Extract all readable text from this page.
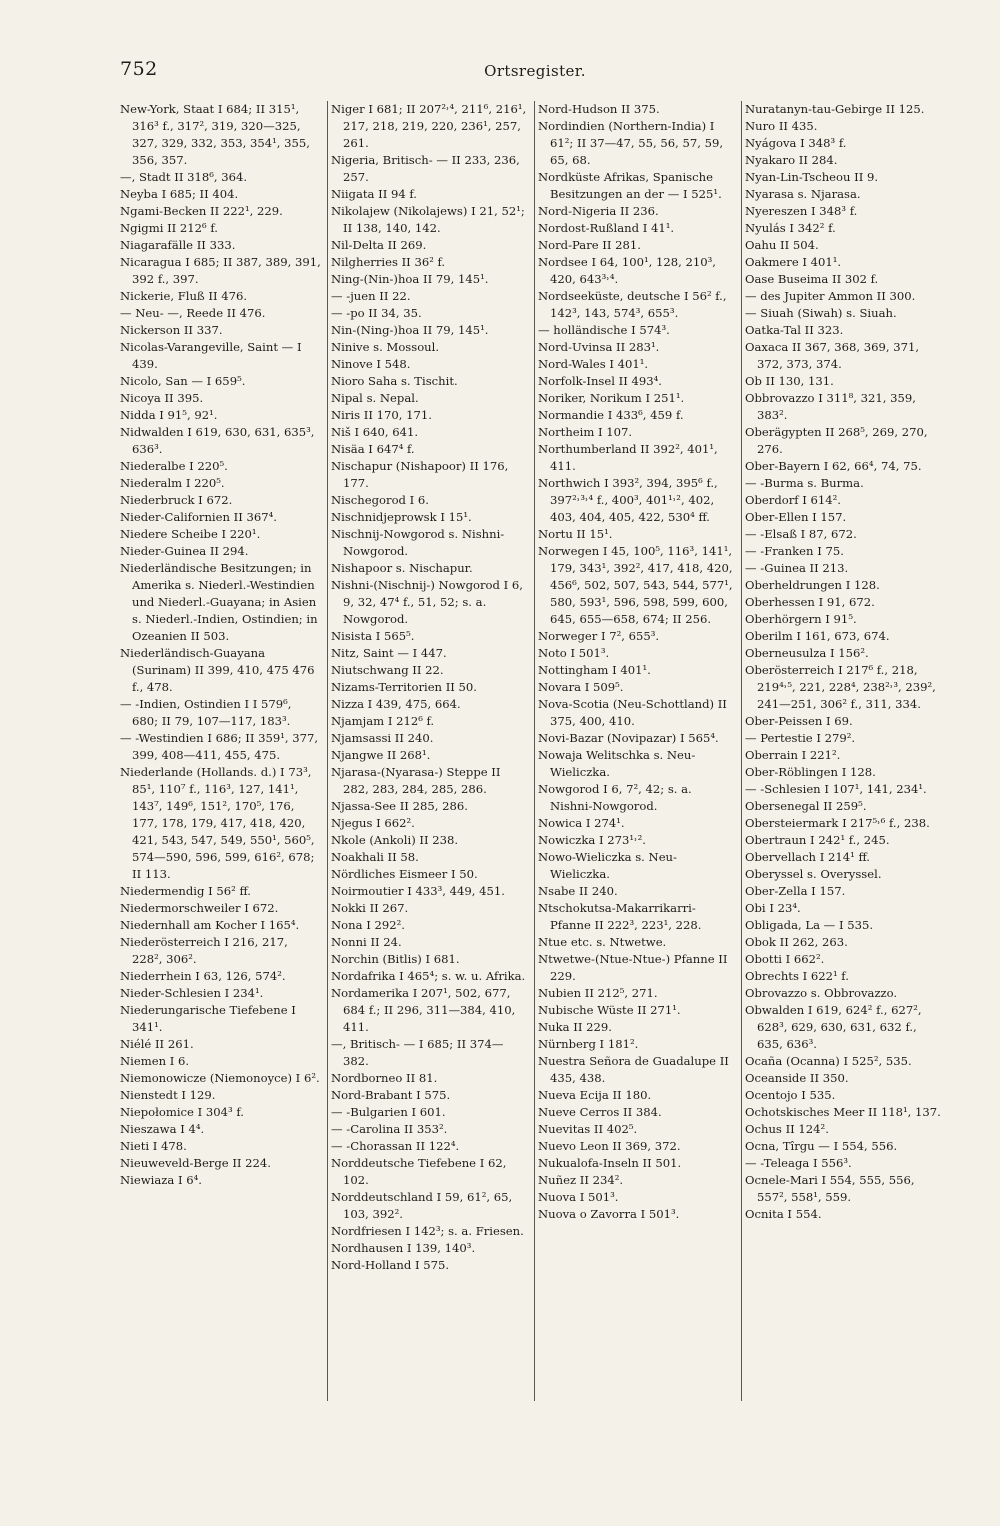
752	Ortsregister.
New-York, Staat I 684; II 315¹, 316³ f., 317², 319, 320—325, 327, 329, 332, 353, 354¹, 355, 356, 357.
—, Stadt II 318⁶, 364.
Neyba I 685; II 404.
Ngami-Becken II 222¹, 229.
Ngigmi II 212⁶ f.
Niagarafälle II 333.
Nicaragua I 685; II 387, 389, 391, 392 f., 397.
Nickerie, Fluß II 476.
— Neu- —, Reede II 476.
Nickerson II 337.
Nicolas-Varangeville, Saint — I 439.
Nicolo, San — I 659⁵.
Nicoya II 395.
Nidda I 91⁵, 92¹.
Nidwalden I 619, 630, 631, 635³, 636³.
Niederalbe I 220⁵.
Niederalm I 220⁵.
Niederbruck I 672.
Nieder-Californien II 367⁴.
Niedere Scheibe I 220¹.
Nieder-Guinea II 294.
Niederländische Besitzungen; in Amerika s. Niederl.-Westindien und Niederl.-Guayana; in Asien s. Niederl.-Indien, Ostindien; in Ozeanien II 503.
Niederländisch-Guayana (Surinam) II 399, 410, 475 476 f., 478.
— -Indien, Ostindien I I 579⁶, 680; II 79, 107—117, 183³.
— -Westindien I 686; II 359¹, 377, 399, 408—411, 455, 475.
Niederlande (Hollands. d.) I 73³, 85¹, 110⁷ f., 116³, 127, 141¹, 143⁷, 149⁶, 151², 170⁵, 176, 177, 178, 179, 417, 418, 420, 421, 543, 547, 549, 550¹, 560⁵, 574—590, 596, 599, 616², 678; II 113.
Niedermendig I 56² ff.
Niedermorschweiler I 672.
Niedernhall am Kocher I 165⁴.
Niederösterreich I 216, 217, 228², 306².
Niederrhein I 63, 126, 574².
Nieder-Schlesien I 234¹.
Niederungarische Tiefebene I 341¹.
Niélé II 261.
Niemen I 6.
Niemonowicze (Niemonoyce) I 6².
Nienstedt I 129.
Niepołomice I 304³ f.
Nieszawa I 4⁴.
Nieti I 478.
Nieuweveld-Berge II 224.
Niewiaza I 6⁴.
Niger I 681; II 207²˒⁴, 211⁶, 216¹, 217, 218, 219, 220, 236¹, 257, 261.
Nigeria, Britisch- — II 233, 236, 257.
Niigata II 94 f.
Nikolajew (Nikolajews) I 21, 52¹; II 138, 140, 142.
Nil-Delta II 269.
Nilgherries II 36² f.
Ning-(Nin-)hoa II 79, 145¹.
— -juen II 22.
— -po II 34, 35.
Nin-(Ning-)hoa II 79, 145¹.
Ninive s. Mossoul.
Ninove I 548.
Nioro Saha s. Tischit.
Nipal s. Nepal.
Niris II 170, 171.
Niš I 640, 641.
Nisäa I 647⁴ f.
Nischapur (Nishapoor) II 176, 177.
Nischegorod I 6.
Nischnidjeprowsk I 15¹.
Nischnij-Nowgorod s. Nishni-Nowgorod.
Nishapoor s. Nischapur.
Nishni-(Nischnij-) Nowgorod I 6, 9, 32, 47⁴ f., 51, 52; s. a. Nowgorod.
Nisista I 565⁵.
Nitz, Saint — I 447.
Niutschwang II 22.
Nizams-Territorien II 50.
Nizza I 439, 475, 664.
Njamjam I 212⁶ f.
Njamsassi II 240.
Njangwe II 268¹.
Njarasa-(Nyarasa-) Steppe II 282, 283, 284, 285, 286.
Njassa-See II 285, 286.
Njegus I 662².
Nkole (Ankoli) II 238.
Noakhali II 58.
Nördliches Eismeer I 50.
Noirmoutier I 433³, 449, 451.
Nokki II 267.
Nona I 292².
Nonni II 24.
Norchin (Bitlis) I 681.
Nordafrika I 465⁴; s. w. u. Afrika.
Nordamerika I 207¹, 502, 677, 684 f.; II 296, 311—384, 410, 411.
—, Britisch- — I 685; II 374—382.
Nordborneo II 81.
Nord-Brabant I 575.
— -Bulgarien I 601.
— -Carolina II 353².
— -Chorassan II 122⁴.
Norddeutsche Tiefebene I 62, 102.
Norddeutschland I 59, 61², 65, 103, 392².
Nordfriesen I 142³; s. a. Friesen.
Nordhausen I 139, 140³.
Nord-Holland I 575.
Nord-Hudson II 375.
Nordindien (Northern-India) I 61²; II 37—47, 55, 56, 57, 59, 65, 68.
Nordküste Afrikas, Spanische Besitzungen an der — I 525¹.
Nord-Nigeria II 236.
Nordost-Rußland I 41¹.
Nord-Pare II 281.
Nordsee I 64, 100¹, 128, 210³, 420, 643³˒⁴.
Nordseeküste, deutsche I 56² f., 142³, 143, 574³, 655³.
— holländische I 574³.
Nord-Uvinsa II 283¹.
Nord-Wales I 401¹.
Norfolk-Insel II 493⁴.
Noriker, Norikum I 251¹.
Normandie I 433⁶, 459 f.
Northeim I 107.
Northumberland II 392², 401¹, 411.
Northwich I 393², 394, 395⁶ f., 397²˒³˒⁴ f., 400³, 401¹˒², 402, 403, 404, 405, 422, 530⁴ ff.
Nortu II 15¹.
Norwegen I 45, 100⁵, 116³, 141¹, 179, 343¹, 392², 417, 418, 420, 456⁶, 502, 507, 543, 544, 577¹, 580, 593¹, 596, 598, 599, 600, 645, 655—658, 674; II 256.
Norweger I 7², 655³.
Noto I 501³.
Nottingham I 401¹.
Novara I 509⁵.
Nova-Scotia (Neu-Schottland) II 375, 400, 410.
Novi-Bazar (Novipazar) I 565⁴.
Nowaja Welitschka s. Neu-Wieliczka.
Nowgorod I 6, 7², 42; s. a. Nishni-Nowgorod.
Nowica I 274¹.
Nowiczka I 273¹˒².
Nowo-Wieliczka s. Neu-Wieliczka.
Nsabe II 240.
Ntschokutsa-Makarrikarri-Pfanne II 222³, 223¹, 228.
Ntue etc. s. Ntwetwe.
Ntwetwe-(Ntue-Ntue-) Pfanne II 229.
Nubien II 212⁵, 271.
Nubische Wüste II 271¹.
Nuka II 229.
Nürnberg I 181².
Nuestra Señora de Guadalupe II 435, 438.
Nueva Ecija II 180.
Nueve Cerros II 384.
Nuevitas II 402⁵.
Nuevo Leon II 369, 372.
Nukualofa-Inseln II 501.
Nuñez II 234².
Nuova I 501³.
Nuova o Zavorra I 501³.
Nuratanyn-tau-Gebirge II 125.
Nuro II 435.
Nyágova I 348³ f.
Nyakaro II 284.
Nyan-Lin-Tscheou II 9.
Nyarasa s. Njarasa.
Nyereszen I 348³ f.
Nyulás I 342² f.
Oahu II 504.
Oakmere I 401¹.
Oase Buseima II 302 f.
— des Jupiter Ammon II 300.
— Siuah (Siwah) s. Siuah.
Oatka-Tal II 323.
Oaxaca II 367, 368, 369, 371, 372, 373, 374.
Ob II 130, 131.
Obbrovazzo I 311⁸, 321, 359, 383².
Oberägypten II 268⁵, 269, 270, 276.
Ober-Bayern I 62, 66⁴, 74, 75.
— -Burma s. Burma.
Oberdorf I 614².
Ober-Ellen I 157.
— -Elsaß I 87, 672.
— -Franken I 75.
— -Guinea II 213.
Oberheldrungen I 128.
Oberhessen I 91, 672.
Oberhörgern I 91⁵.
Oberilm I 161, 673, 674.
Oberneusulza I 156².
Oberösterreich I 217⁶ f., 218, 219⁴˒⁵, 221, 228⁴, 238²˒³, 239², 241—251, 306² f., 311, 334.
Ober-Peissen I 69.
— Pertestie I 279².
Oberrain I 221².
Ober-Röblingen I 128.
— -Schlesien I 107¹, 141, 234¹.
Obersenegal II 259⁵.
Obersteiermark I 217⁵˒⁶ f., 238.
Obertraun I 242¹ f., 245.
Obervellach I 214¹ ff.
Oberyssel s. Overyssel.
Ober-Zella I 157.
Obi I 23⁴.
Obligada, La — I 535.
Obok II 262, 263.
Obotti I 662².
Obrechts I 622¹ f.
Obrovazzo s. Obbrovazzo.
Obwalden I 619, 624² f., 627², 628³, 629, 630, 631, 632 f., 635, 636³.
Ocaña (Ocanna) I 525², 535.
Oceanside II 350.
Ocentojo I 535.
Ochotskisches Meer II 118¹, 137.
Ochus II 124².
Ocna, Tîrgu — I 554, 556.
— -Teleaga I 556³.
Ocnele-Mari I 554, 555, 556, 557², 558¹, 559.
Ocnita I 554.
